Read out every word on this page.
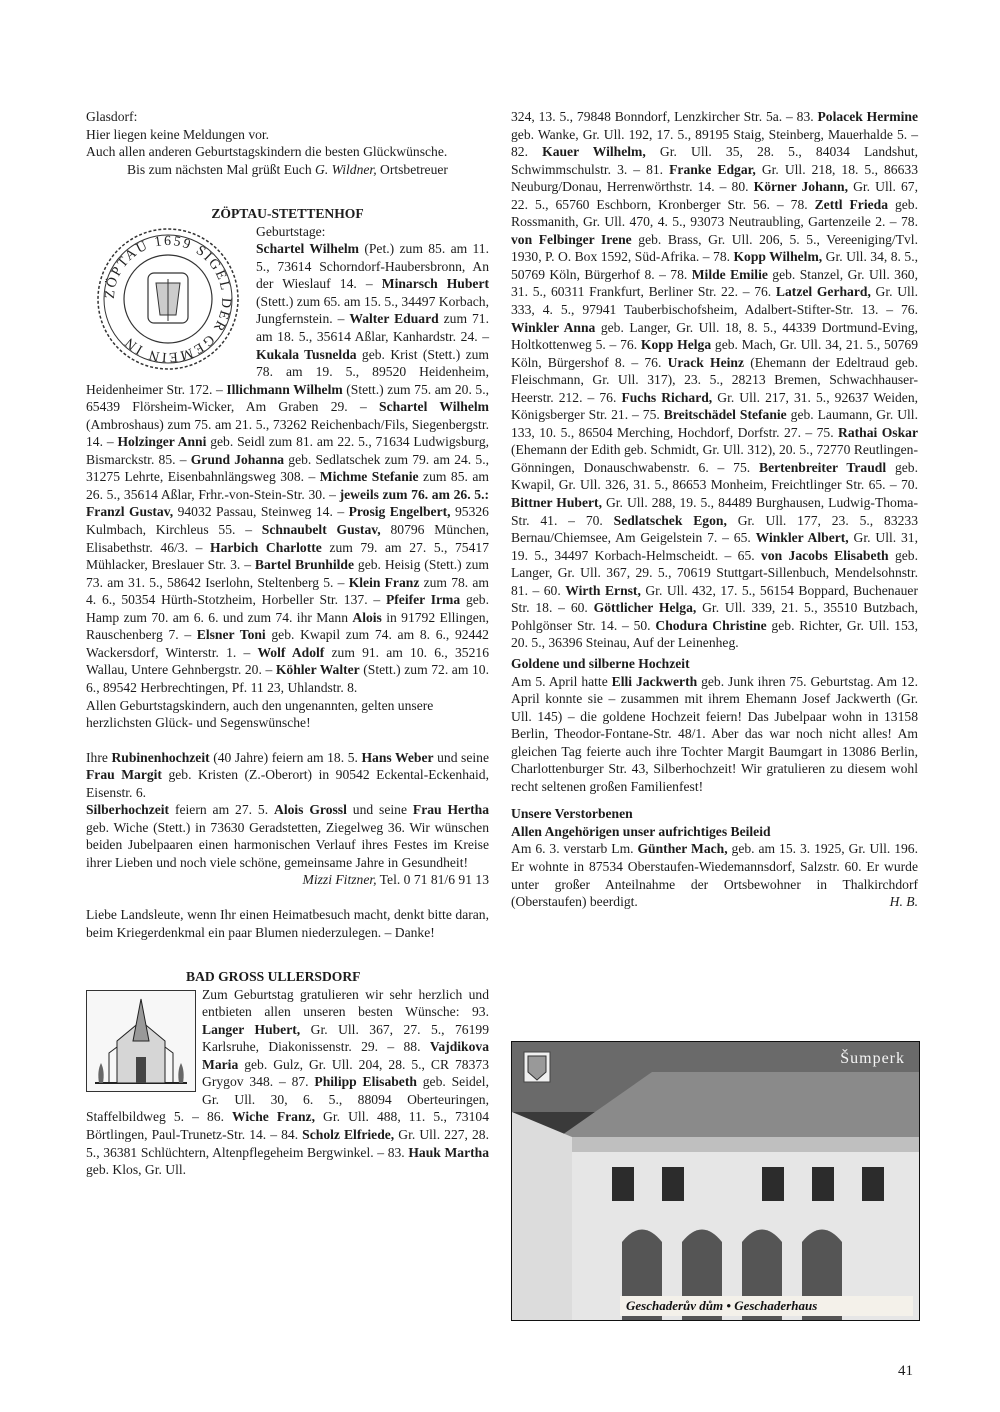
Glasdorf:

Hier liegen keine Meldungen vor.

Auch allen anderen Geburtstagskindern die besten Glückwünsche.

Bis zum nächsten Mal grüßt Euch G. Wildner, Ortsbetreuer

ZÖPTAU-STETTENHOF

ZÖPTAU 1659 SIGEL DER GEMEIN IN

Geburtstage:
Schartel Wilhelm (Pet.) zum 85. am 11. 5., 73614 Schorndorf-Haubersbronn, An der Wieslauf 14. – Minarsch Hubert (Stett.) zum 65. am 15. 5., 34497 Korbach, Jungfernstein. – Walter Eduard zum 71. am 18. 5., 35614 Aßlar, Kanhardstr. 24. – Kukala Tusnelda geb. Krist (Stett.) zum 78. am 19. 5., 89520 Heidenheim, Heidenheimer Str. 172. – Illichmann Wilhelm (Stett.) zum 75. am 20. 5., 65439 Flörsheim-Wicker, Am Graben 29. – Schartel Wilhelm (Ambroshaus) zum 75. am 21. 5., 73262 Reichenbach/Fils, Siegenbergstr. 14. – Holzinger Anni geb. Seidl zum 81. am 22. 5., 71634 Ludwigsburg, Bismarckstr. 85. – Grund Johanna geb. Sedlatschek zum 79. am 24. 5., 31275 Lehrte, Eisenbahnlängsweg 308. – Michme Stefanie zum 85. am 26. 5., 35614 Aßlar, Frhr.-von-Stein-Str. 30. – jeweils zum 76. am 26. 5.: Franzl Gustav, 94032 Passau, Steinweg 14. – Prosig Engelbert, 95326 Kulmbach, Kirchleus 55. – Schnaubelt Gustav, 80796 München, Elisabethstr. 46/3. – Harbich Charlotte zum 79. am 27. 5., 75417 Mühlacker, Breslauer Str. 3. – Bartel Brunhilde geb. Heisig (Stett.) zum 73. am 31. 5., 58642 Iserlohn, Steltenberg 5. – Klein Franz zum 78. am 4. 6., 50354 Hürth-Stotzheim, Horbeller Str. 137. – Pfeifer Irma geb. Hamp zum 70. am 6. 6. und zum 74. ihr Mann Alois in 91792 Ellingen, Rauschenberg 7. – Elsner Toni geb. Kwapil zum 74. am 8. 6., 92442 Wackersdorf, Winterstr. 1. – Wolf Adolf zum 91. am 10. 6., 35216 Wallau, Untere Gehnbergstr. 20. – Köhler Walter (Stett.) zum 72. am 10. 6., 89542 Herbrechtingen, Pf. 11 23, Uhlandstr. 8.

Allen Geburtstagskindern, auch den ungenannten, gelten unsere herzlichsten Glück- und Segenswünsche!

Ihre Rubinenhochzeit (40 Jahre) feiern am 18. 5. Hans Weber und seine Frau Margit geb. Kristen (Z.-Oberort) in 90542 Eckental-Eckenhaid, Eisenstr. 6.

Silberhochzeit feiern am 27. 5. Alois Grossl und seine Frau Hertha geb. Wiche (Stett.) in 73630 Geradstetten, Ziegelweg 36. Wir wünschen beiden Jubelpaaren einen harmonischen Verlauf ihres Festes im Kreise ihrer Lieben und noch viele schöne, gemeinsame Jahre in Gesundheit!

Mizzi Fitzner, Tel. 0 71 81/6 91 13

Liebe Landsleute, wenn Ihr einen Heimatbesuch macht, denkt bitte daran, beim Kriegerdenkmal ein paar Blumen niederzulegen. – Danke!

BAD GROSS ULLERSDORF

Zum Geburtstag gratulieren wir sehr herzlich und entbieten allen unseren besten Wünsche: 93. Langer Hubert, Gr. Ull. 367, 27. 5., 76199 Karlsruhe, Diakonissenstr. 29. – 88. Vajdikova Maria geb. Gulz, Gr. Ull. 204, 28. 5., CR 78373 Grygov 348. – 87. Philipp Elisabeth geb. Seidel, Gr. Ull. 30, 6. 5., 88094 Oberteuringen, Staffelbildweg 5. – 86. Wiche Franz, Gr. Ull. 488, 11. 5., 73104 Börtlingen, Paul-Trunetz-Str. 14. – 84. Scholz Elfriede, Gr. Ull. 227, 28. 5., 36381 Schlüchtern, Altenpflegeheim Bergwinkel. – 83. Hauk Martha geb. Klos, Gr. Ull.

324, 13. 5., 79848 Bonndorf, Lenzkircher Str. 5a. – 83. Polacek Hermine geb. Wanke, Gr. Ull. 192, 17. 5., 89195 Staig, Steinberg, Mauerhalde 5. – 82. Kauer Wilhelm, Gr. Ull. 35, 28. 5., 84034 Landshut, Schwimmschulstr. 3. – 81. Franke Edgar, Gr. Ull. 218, 18. 5., 86633 Neuburg/Donau, Herrenwörthstr. 14. – 80. Körner Johann, Gr. Ull. 67, 22. 5., 65760 Eschborn, Kronberger Str. 56. – 78. Zettl Frieda geb. Rossmanith, Gr. Ull. 470, 4. 5., 93073 Neutraubling, Gartenzeile 2. – 78. von Felbinger Irene geb. Brass, Gr. Ull. 206, 5. 5., Vereeniging/Tvl. 1930, P. O. Box 1592, Süd-Afrika. – 78. Kopp Wilhelm, Gr. Ull. 34, 8. 5., 50769 Köln, Bürgerhof 8. – 78. Milde Emilie geb. Stanzel, Gr. Ull. 360, 31. 5., 60311 Frankfurt, Berliner Str. 22. – 76. Latzel Gerhard, Gr. Ull. 333, 4. 5., 97941 Tauberbischofsheim, Adalbert-Stifter-Str. 13. – 76. Winkler Anna geb. Langer, Gr. Ull. 18, 8. 5., 44339 Dortmund-Eving, Holtkottenweg 5. – 76. Kopp Helga geb. Mach, Gr. Ull. 34, 21. 5., 50769 Köln, Bürgershof 8. – 76. Urack Heinz (Ehemann der Edeltraud geb. Fleischmann, Gr. Ull. 317), 23. 5., 28213 Bremen, Schwachhauser-Heerstr. 212. – 76. Fuchs Richard, Gr. Ull. 217, 31. 5., 92637 Weiden, Königsberger Str. 21. – 75. Breitschädel Stefanie geb. Laumann, Gr. Ull. 133, 10. 5., 86504 Merching, Hochdorf, Dorfstr. 27. – 75. Rathai Oskar (Ehemann der Edith geb. Schmidt, Gr. Ull. 312), 20. 5., 72770 Reutlingen-Gönningen, Donauschwabenstr. 6. – 75. Bertenbreiter Traudl geb. Kwapil, Gr. Ull. 326, 31. 5., 86653 Monheim, Freichtlinger Str. 65. – 70. Bittner Hubert, Gr. Ull. 288, 19. 5., 84489 Burghausen, Ludwig-Thoma-Str. 41. – 70. Sedlatschek Egon, Gr. Ull. 177, 23. 5., 83233 Bernau/Chiemsee, Am Geigelstein 7. – 65. Winkler Albert, Gr. Ull. 31, 19. 5., 34497 Korbach-Helmscheidt. – 65. von Jacobs Elisabeth geb. Langer, Gr. Ull. 367, 29. 5., 70619 Stuttgart-Sillenbuch, Mendelsohnstr. 81. – 60. Wirth Ernst, Gr. Ull. 432, 17. 5., 56154 Boppard, Buchenauer Str. 18. – 60. Göttlicher Helga, Gr. Ull. 339, 21. 5., 35510 Butzbach, Pohlgönser Str. 14. – 50. Chodura Christine geb. Richter, Gr. Ull. 153, 20. 5., 36396 Steinau, Auf der Leinenheg.

Goldene und silberne Hochzeit

Am 5. April hatte Elli Jackwerth geb. Junk ihren 75. Geburtstag. Am 12. April konnte sie – zusammen mit ihrem Ehemann Josef Jackwerth (Gr. Ull. 145) – die goldene Hochzeit feiern! Das Jubelpaar wohn in 13158 Berlin, Theodor-Fontane-Str. 48/1. Aber das war noch nicht alles! Am gleichen Tag feierte auch ihre Tochter Margit Baumgart in 13086 Berlin, Charlottenburger Str. 43, Silberhochzeit! Wir gratulieren zu diesem wohl recht seltenen großen Familienfest!

Unsere Verstorbenen

Allen Angehörigen unser aufrichtiges Beileid

Am 6. 3. verstarb Lm. Günther Mach, geb. am 15. 3. 1925, Gr. Ull. 196. Er wohnte in 87534 Oberstaufen-Wiedemannsdorf, Salzstr. 60. Er wurde unter großer Anteilnahme der Ortsbewohner in Thalkirchdorf (Oberstaufen) beerdigt.	H. B.

Šumperk
Geschaderův dům • Geschaderhaus
41
